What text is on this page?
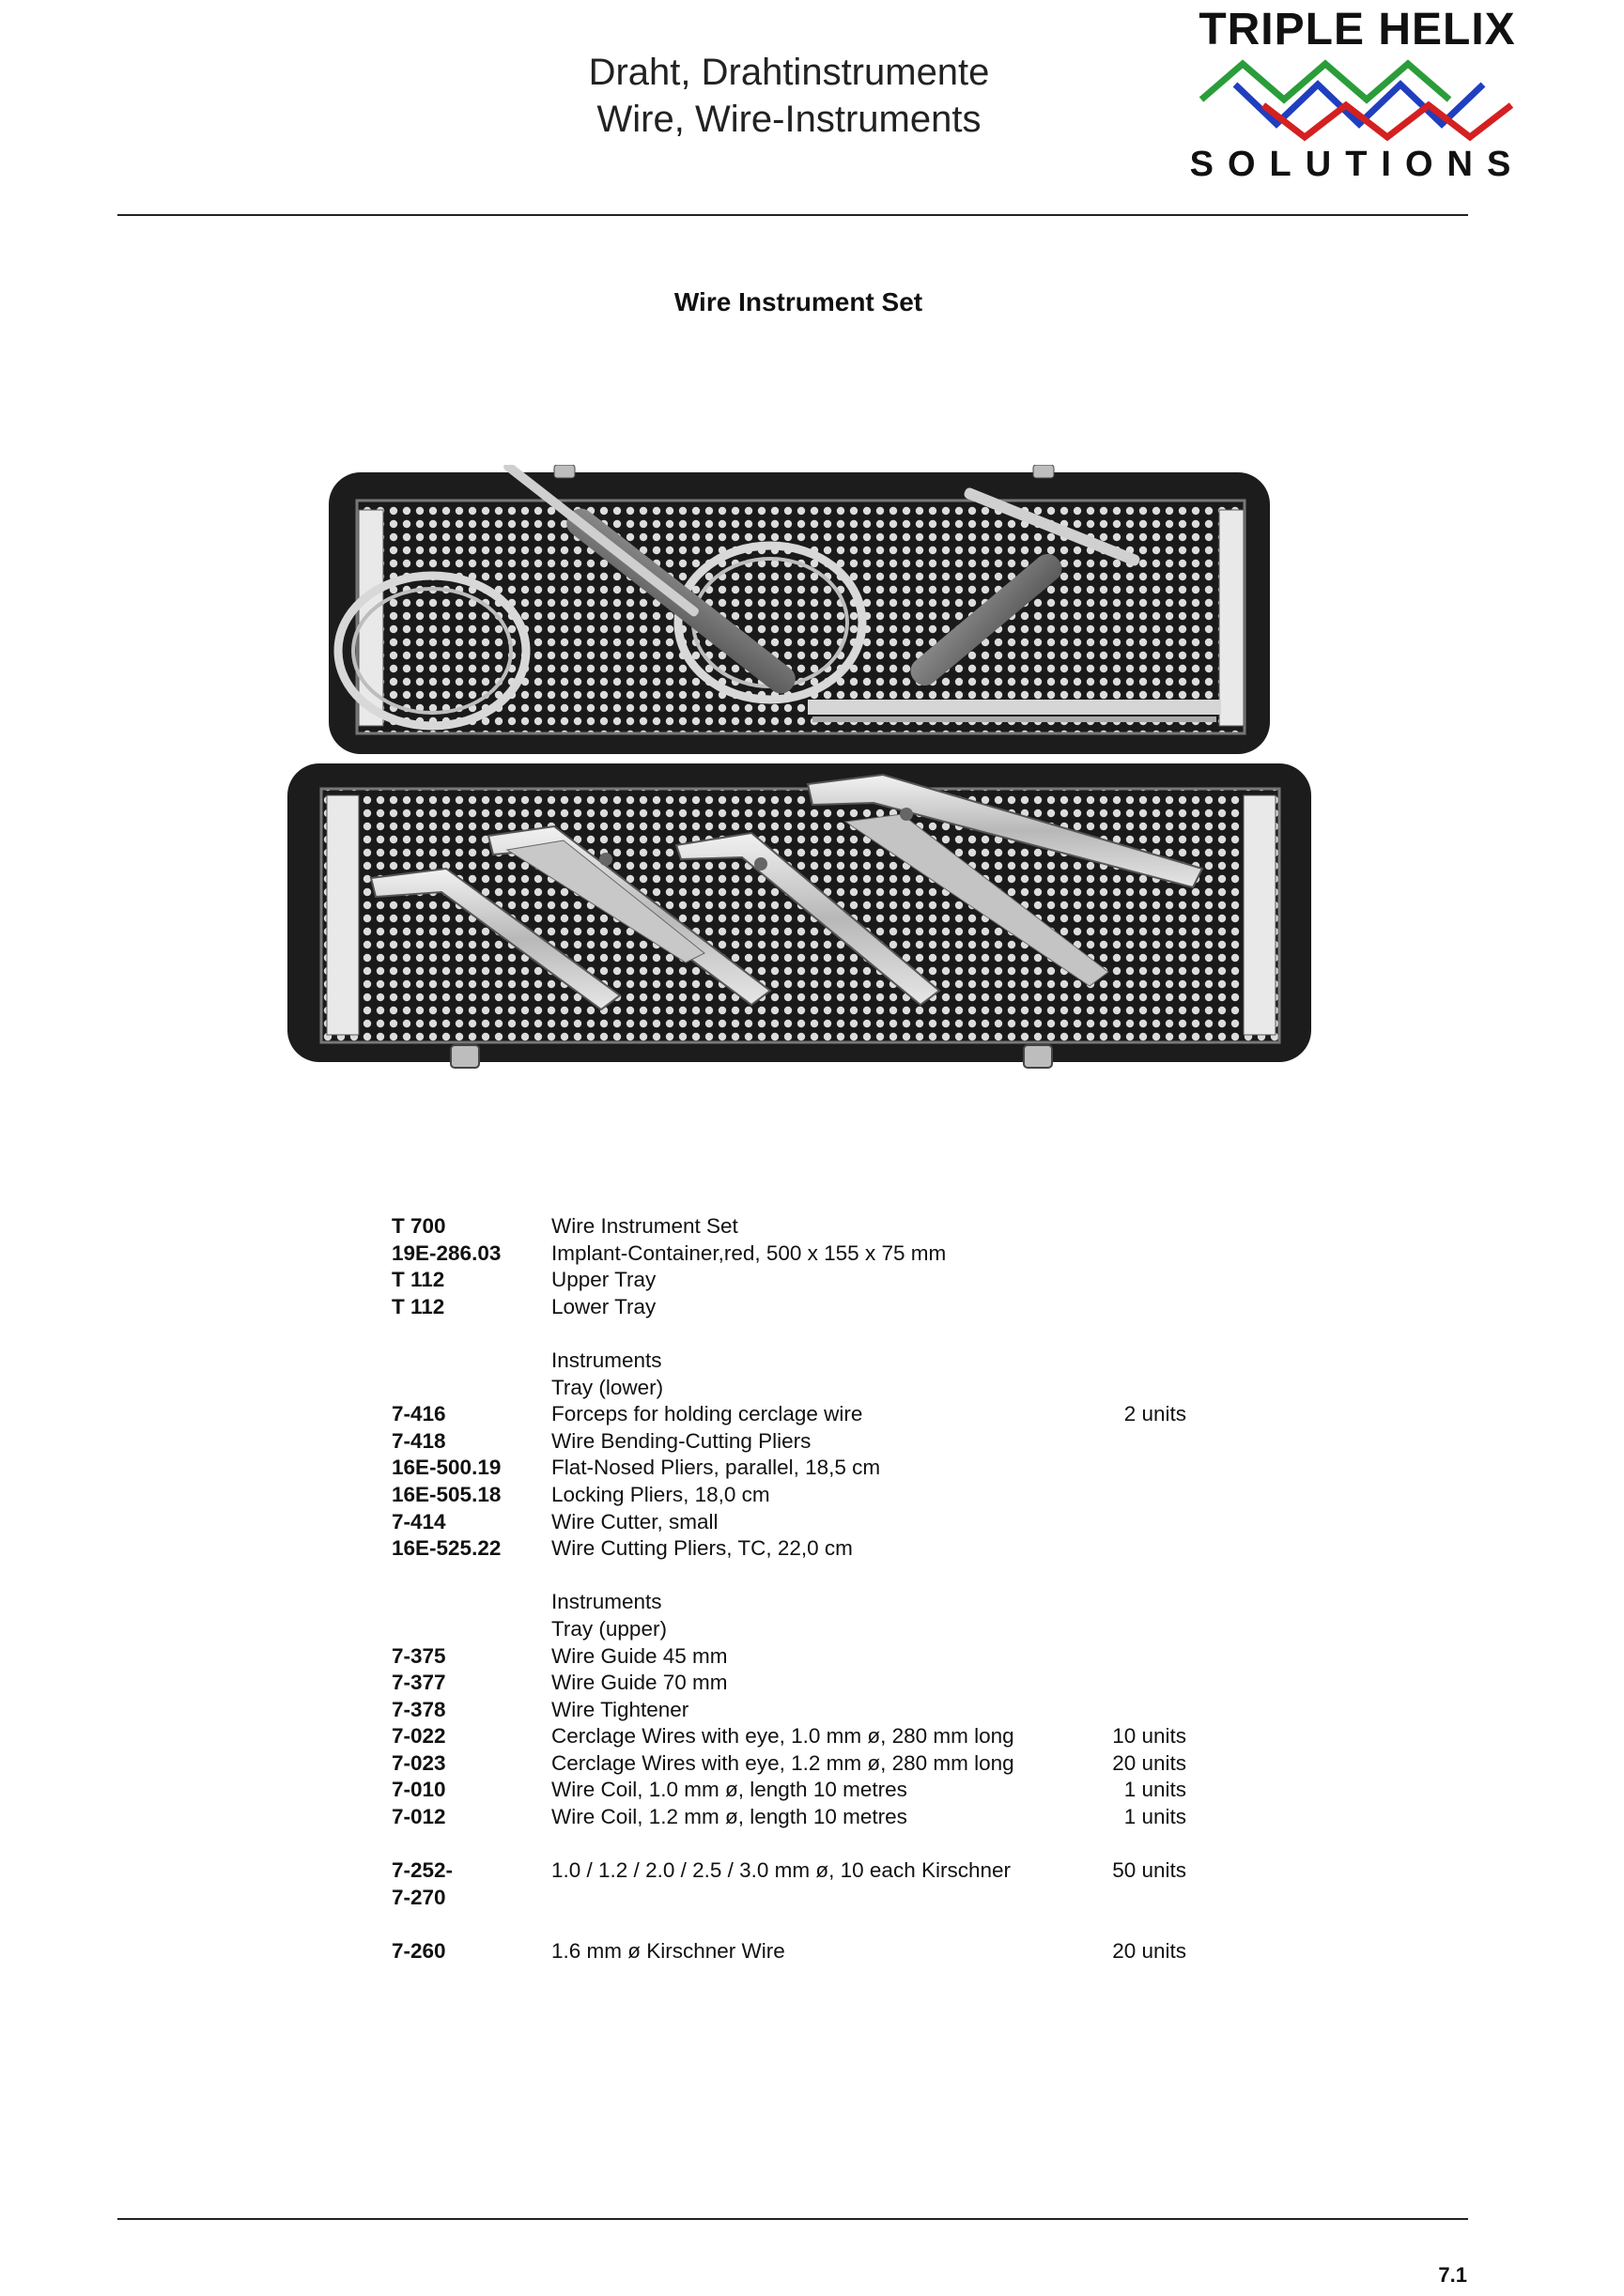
Draht, Drahtinstrumente
Wire, Wire-Instruments
TRIPLE HELIX
SOLUTIONS
Wire Instrument Set
T 700	Wire Instrument Set
19E-286.03 Implant-Container,red, 500 x 155 x 75 mm
T 112	Upper Tray
T 112	Lower Tray
Instruments
Tray (lower)
7-416	Forceps for holding cerclage wire	2 units
7-418	Wire Bending-Cutting Pliers
16E-500.19 Flat-Nosed Pliers, parallel, 18,5 cm
16E-505.18 Locking Pliers, 18,0 cm
7-414	Wire Cutter, small
16E-525.22 Wire Cutting Pliers, TC, 22,0 cm
Instruments
Tray (upper)
7-375	Wire Guide 45 mm
7-377	Wire Guide 70 mm
7-378	Wire Tightener
7-022	Cerclage Wires with eye, 1.0 mm ø, 280 mm long	10 units
7-023	Cerclage Wires with eye, 1.2 mm ø, 280 mm long	20 units
7-010	Wire Coil, 1.0 mm ø, length 10 metres	1 units
7-012	Wire Coil, 1.2 mm ø, length 10 metres	1 units
7-252-	1.0 / 1.2 / 2.0 / 2.5 / 3.0 mm ø, 10 each Kirschner	50 units
7-270
7-260	1.6 mm ø Kirschner Wire	20 units
7.1
